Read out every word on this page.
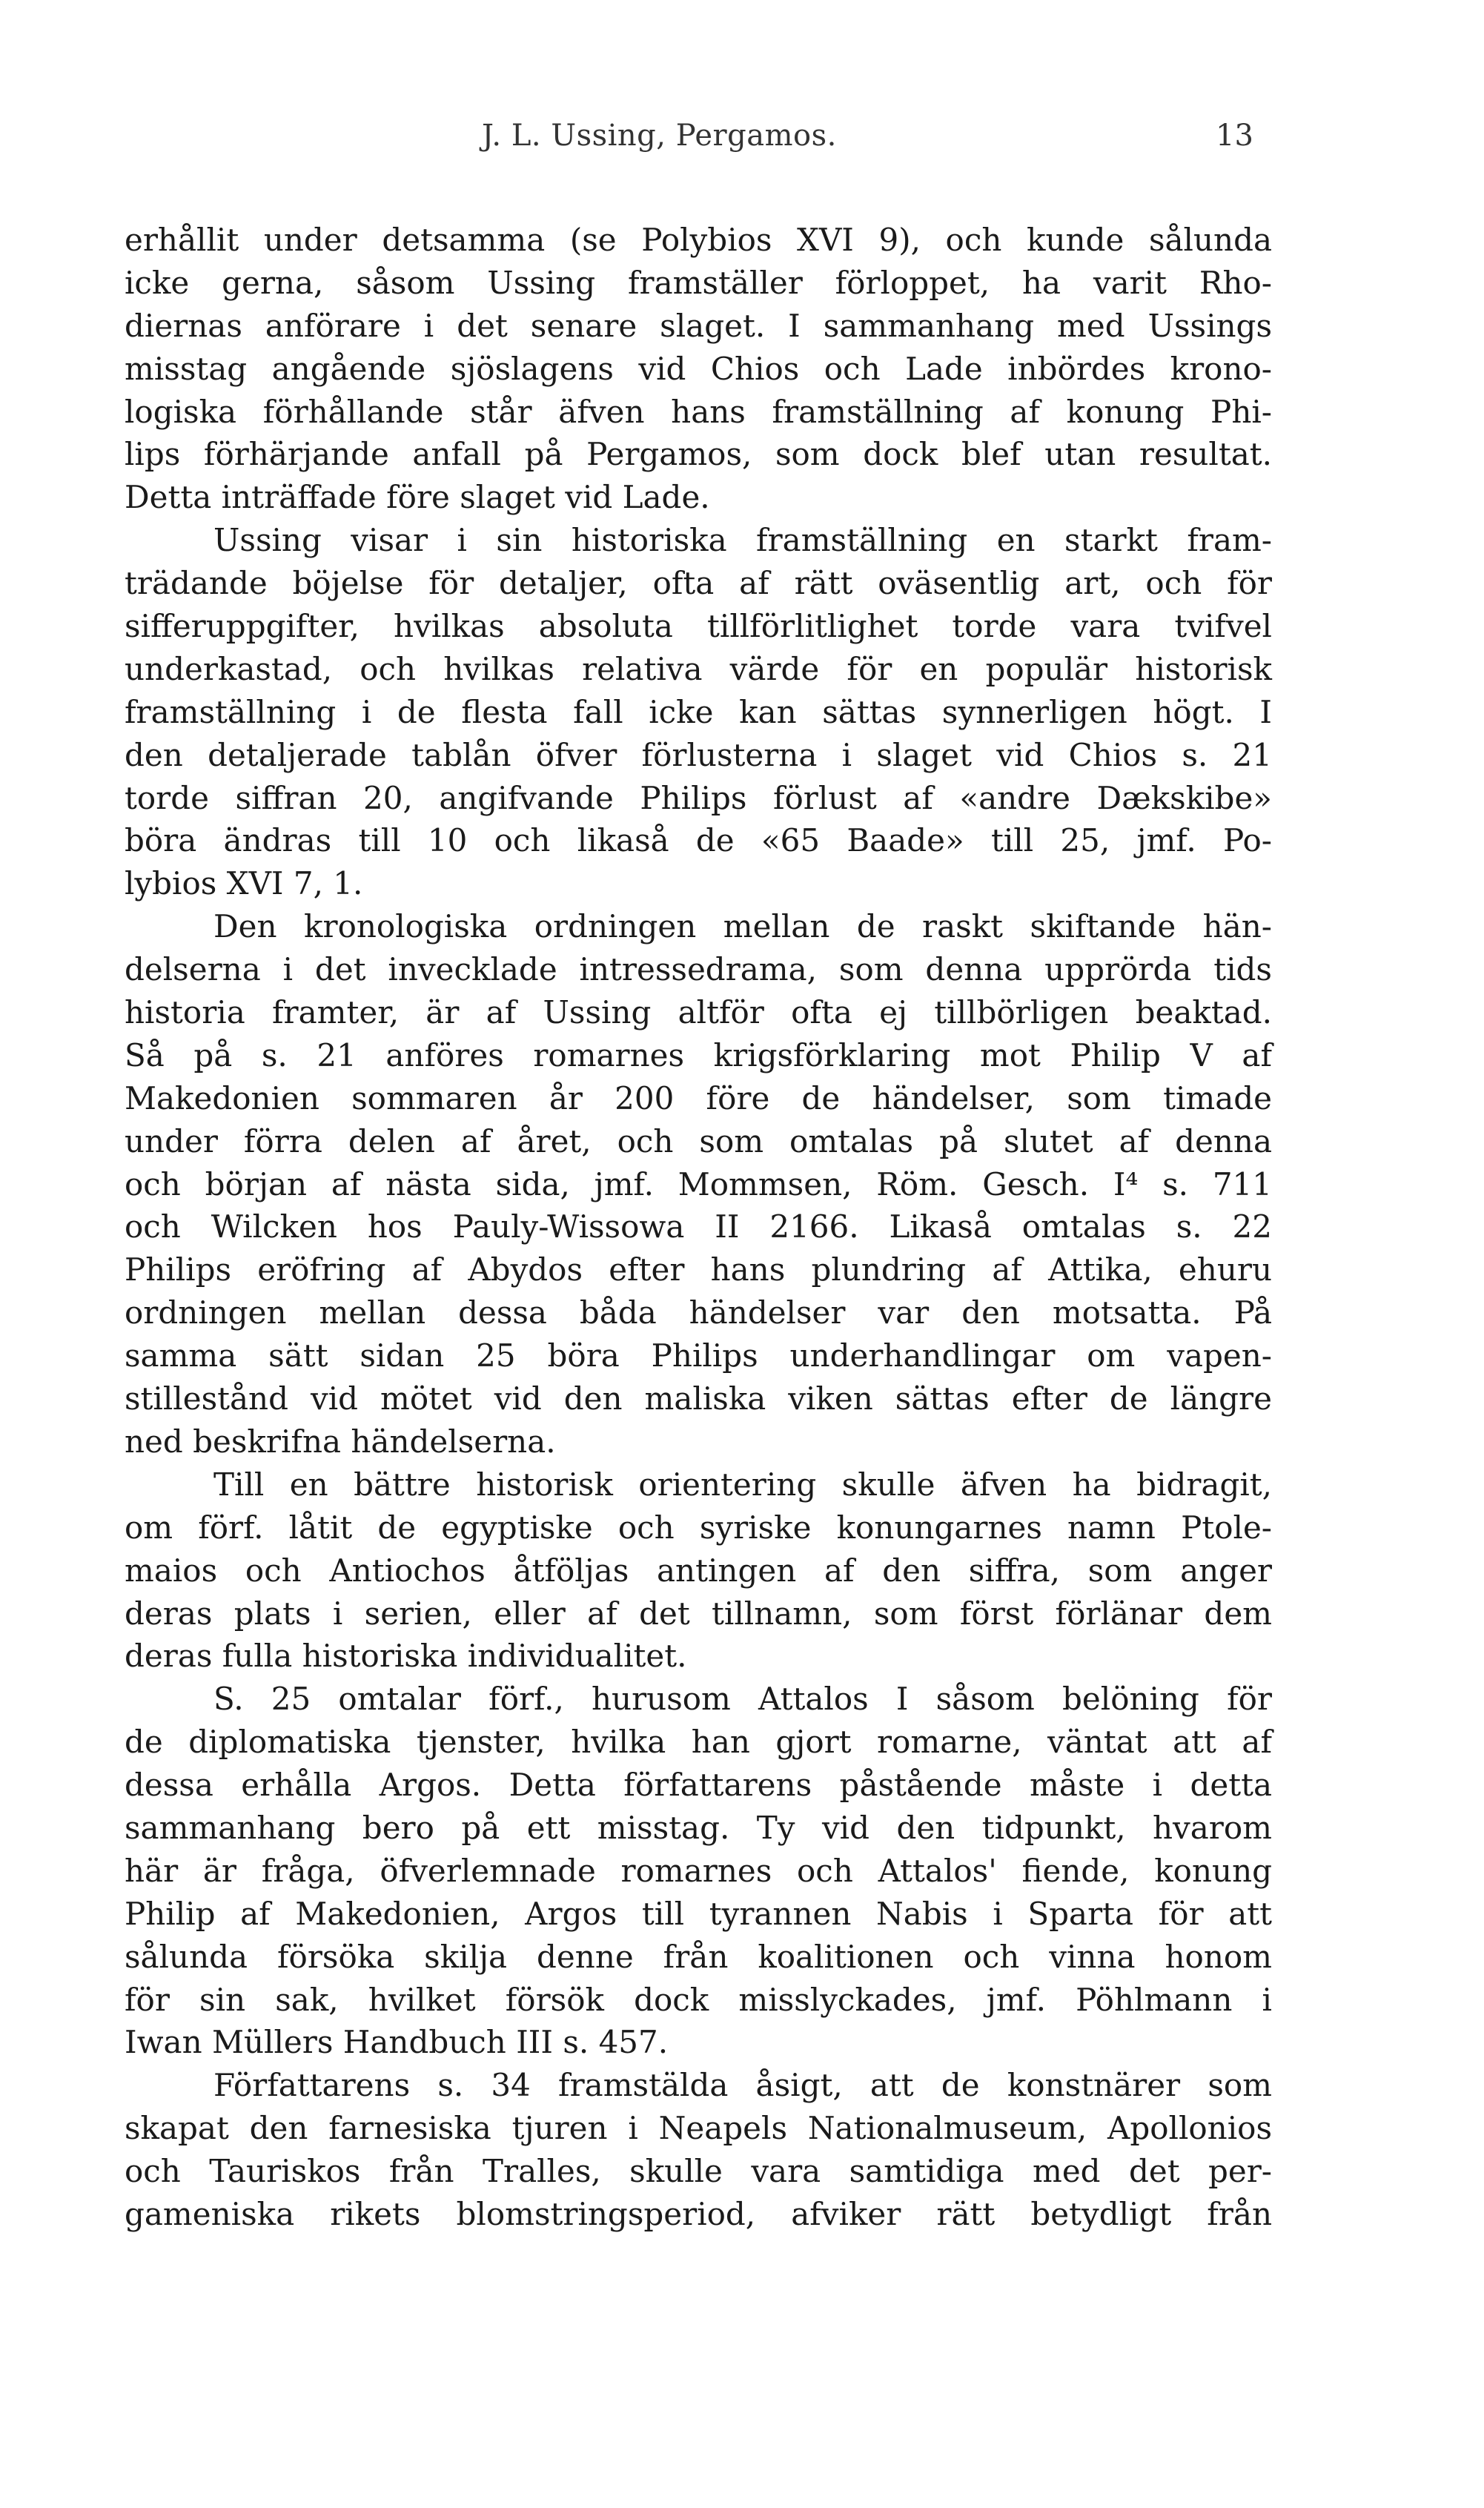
J. L. Ussing, Pergamos.	13
erhållit under detsamma (se Polybios XVI 9), och kunde sålunda
icke gerna, såsom Ussing framställer förloppet, ha varit Rho-
diernas anförare i det senare slaget. I sammanhang med Ussings
misstag angående sjöslagens vid Chios och Lade inbördes krono-
logiska förhållande står äfven hans framställning af konung Phi-
lips förhärjande anfall på Pergamos, som dock blef utan resultat.
Detta inträffade före slaget vid Lade.
Ussing visar i sin historiska framställning en starkt fram-
trädande böjelse för detaljer, ofta af rätt oväsentlig art, och för
sifferuppgifter, hvilkas absoluta tillförlitlighet torde vara tvifvel
underkastad, och hvilkas relativa värde för en populär historisk
framställning i de flesta fall icke kan sättas synnerligen högt. I
den detaljerade tablån öfver förlusterna i slaget vid Chios s. 21
torde siffran 20, angifvande Philips förlust af «andre Dækskibe»
böra ändras till 10 och likaså de «65 Baade» till 25, jmf. Po-
lybios XVI 7, 1.
Den kronologiska ordningen mellan de raskt skiftande hän-
delserna i det invecklade intressedrama, som denna upprörda tids
historia framter, är af Ussing altför ofta ej tillbörligen beaktad.
Så på s. 21 anföres romarnes krigsförklaring mot Philip V af
Makedonien sommaren år 200 före de händelser, som timade
under förra delen af året, och som omtalas på slutet af denna
och början af nästa sida, jmf. Mommsen, Röm. Gesch. I⁴ s. 711
och Wilcken hos Pauly-Wissowa II 2166. Likaså omtalas s. 22
Philips eröfring af Abydos efter hans plundring af Attika, ehuru
ordningen mellan dessa båda händelser var den motsatta. På
samma sätt sidan 25 böra Philips underhandlingar om vapen-
stillestånd vid mötet vid den maliska viken sättas efter de längre
ned beskrifna händelserna.
Till en bättre historisk orientering skulle äfven ha bidragit,
om förf. låtit de egyptiske och syriske konungarnes namn Ptole-
maios och Antiochos åtföljas antingen af den siffra, som anger
deras plats i serien, eller af det tillnamn, som först förlänar dem
deras fulla historiska individualitet.
S. 25 omtalar förf., hurusom Attalos I såsom belöning för
de diplomatiska tjenster, hvilka han gjort romarne, väntat att af
dessa erhålla Argos. Detta författarens påstående måste i detta
sammanhang bero på ett misstag. Ty vid den tidpunkt, hvarom
här är fråga, öfverlemnade romarnes och Attalos' fiende, konung
Philip af Makedonien, Argos till tyrannen Nabis i Sparta för att
sålunda försöka skilja denne från koalitionen och vinna honom
för sin sak, hvilket försök dock misslyckades, jmf. Pöhlmann i
Iwan Müllers Handbuch III s. 457.
Författarens s. 34 framstälda åsigt, att de konstnärer som
skapat den farnesiska tjuren i Neapels Nationalmuseum, Apollonios
och Tauriskos från Tralles, skulle vara samtidiga med det per-
gameniska rikets blomstringsperiod, afviker rätt betydligt från
